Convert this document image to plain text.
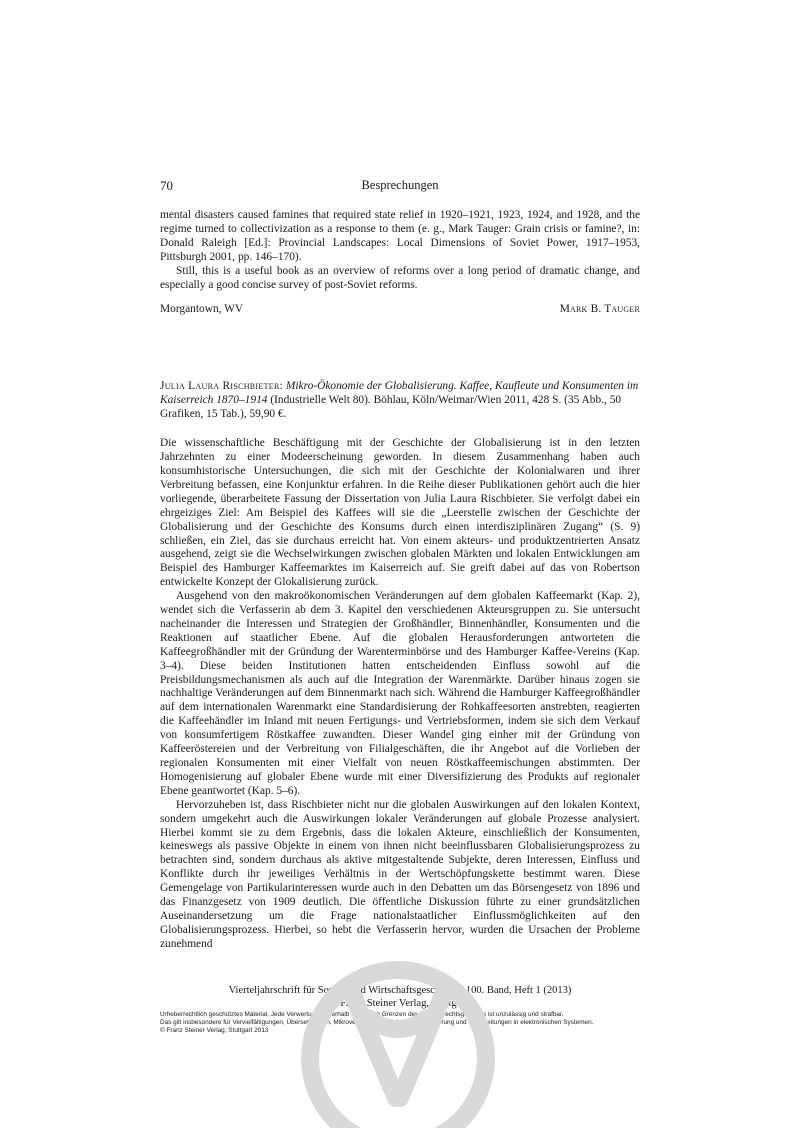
70	Besprechungen

mental disasters caused famines that required state relief in 1920–1921, 1923, 1924, and 1928, and the regime turned to collectivization as a response to them (e. g., Mark Tauger: Grain crisis or famine?, in: Donald Raleigh [Ed.]: Provincial Landscapes: Local Dimensions of Soviet Power, 1917–1953, Pittsburgh 2001, pp. 146–170).

Still, this is a useful book as an overview of reforms over a long period of dramatic change, and especially a good concise survey of post-Soviet reforms.

Morgantown, WV	Mark B. Tauger
Julia Laura Rischbieter: Mikro-Ökonomie der Globalisierung. Kaffee, Kaufleute und Konsumenten im Kaiserreich 1870–1914 (Industrielle Welt 80). Böhlau, Köln/Weimar/Wien 2011, 428 S. (35 Abb., 50 Grafiken, 15 Tab.), 59,90 €.

Die wissenschaftliche Beschäftigung mit der Geschichte der Globalisierung ist in den letzten Jahrzehnten zu einer Modeerscheinung geworden. In diesem Zusammenhang haben auch konsumhistorische Untersuchungen, die sich mit der Geschichte der Kolonialwaren und ihrer Verbreitung befassen, eine Konjunktur erfahren. In die Reihe dieser Publikationen gehört auch die hier vorliegende, überarbeitete Fassung der Dissertation von Julia Laura Rischbieter. Sie verfolgt dabei ein ehrgeiziges Ziel: Am Beispiel des Kaffees will sie die „Leerstelle zwischen der Geschichte der Globalisierung und der Geschichte des Konsums durch einen interdisziplinären Zugang“ (S. 9) schließen, ein Ziel, das sie durchaus erreicht hat. Von einem akteurs- und produktzentrierten Ansatz ausgehend, zeigt sie die Wechselwirkungen zwischen globalen Märkten und lokalen Entwicklungen am Beispiel des Hamburger Kaffeemarktes im Kaiserreich auf. Sie greift dabei auf das von Robertson entwickelte Konzept der Glokalisierung zurück.

Ausgehend von den makroökonomischen Veränderungen auf dem globalen Kaffeemarkt (Kap. 2), wendet sich die Verfasserin ab dem 3. Kapitel den verschiedenen Akteursgruppen zu. Sie untersucht nacheinander die Interessen und Strategien der Großhändler, Binnenhändler, Konsumenten und die Reaktionen auf staatlicher Ebene. Auf die globalen Herausforderungen antworteten die Kaffeegroßhändler mit der Gründung der Warenterminbörse und des Hamburger Kaffee-Vereins (Kap. 3–4). Diese beiden Institutionen hatten entscheidenden Einfluss sowohl auf die Preisbildungsmechanismen als auch auf die Integration der Warenmärkte. Darüber hinaus zogen sie nachhaltige Veränderungen auf dem Binnenmarkt nach sich. Während die Hamburger Kaffeegroßhändler auf dem internationalen Warenmarkt eine Standardisierung der Rohkaffeesorten anstrebten, reagierten die Kaffeehändler im Inland mit neuen Fertigungs- und Vertriebsformen, indem sie sich dem Verkauf von konsumfertigem Röstkaffee zuwandten. Dieser Wandel ging einher mit der Gründung von Kaffeeröstereien und der Verbreitung von Filialgeschäften, die ihr Angebot auf die Vorlieben der regionalen Konsumenten mit einer Vielfalt von neuen Röstkaffeemischungen abstimmten. Der Homogenisierung auf globaler Ebene wurde mit einer Diversifizierung des Produkts auf regionaler Ebene geantwortet (Kap. 5–6).

Hervorzuheben ist, dass Rischbieter nicht nur die globalen Auswirkungen auf den lokalen Kontext, sondern umgekehrt auch die Auswirkungen lokaler Veränderungen auf globale Prozesse analysiert. Hierbei kommt sie zu dem Ergebnis, dass die lokalen Akteure, einschließlich der Konsumenten, keineswegs als passive Objekte in einem von ihnen nicht beeinflussbaren Globalisierungsprozess zu betrachten sind, sondern durchaus als aktive mitgestaltende Subjekte, deren Interessen, Einfluss und Konflikte durch ihr jeweiliges Verhältnis in der Wertschöpfungskette bestimmt waren. Diese Gemengelage von Partikularinteressen wurde auch in den Debatten um das Börsengesetz von 1896 und das Finanzgesetz von 1909 deutlich. Die öffentliche Diskussion führte zu einer grundsätzlichen Auseinandersetzung um die Frage nationalstaatlicher Einflussmöglichkeiten auf den Globalisierungsprozess. Hierbei, so hebt die Verfasserin hervor, wurden die Ursachen der Probleme zunehmend

Vierteljahrschrift für Sozial- und Wirtschaftsgeschichte, 100. Band, Heft 1 (2013)
©Franz Steiner Verlag, Stuttgart
Urheberrechtlich geschütztes Material. Jede Verwertung außerhalb der engen Grenzen des Urheberrechtsgesetzes ist unzulässig und strafbar.
Das gilt insbesondere für Vervielfältigungen, Übersetzungen, Mikroverfilmungen und die Einspeicherung und Verarbeitungen in elektronischen Systemen.
© Franz Steiner Verlag, Stuttgart 2013
